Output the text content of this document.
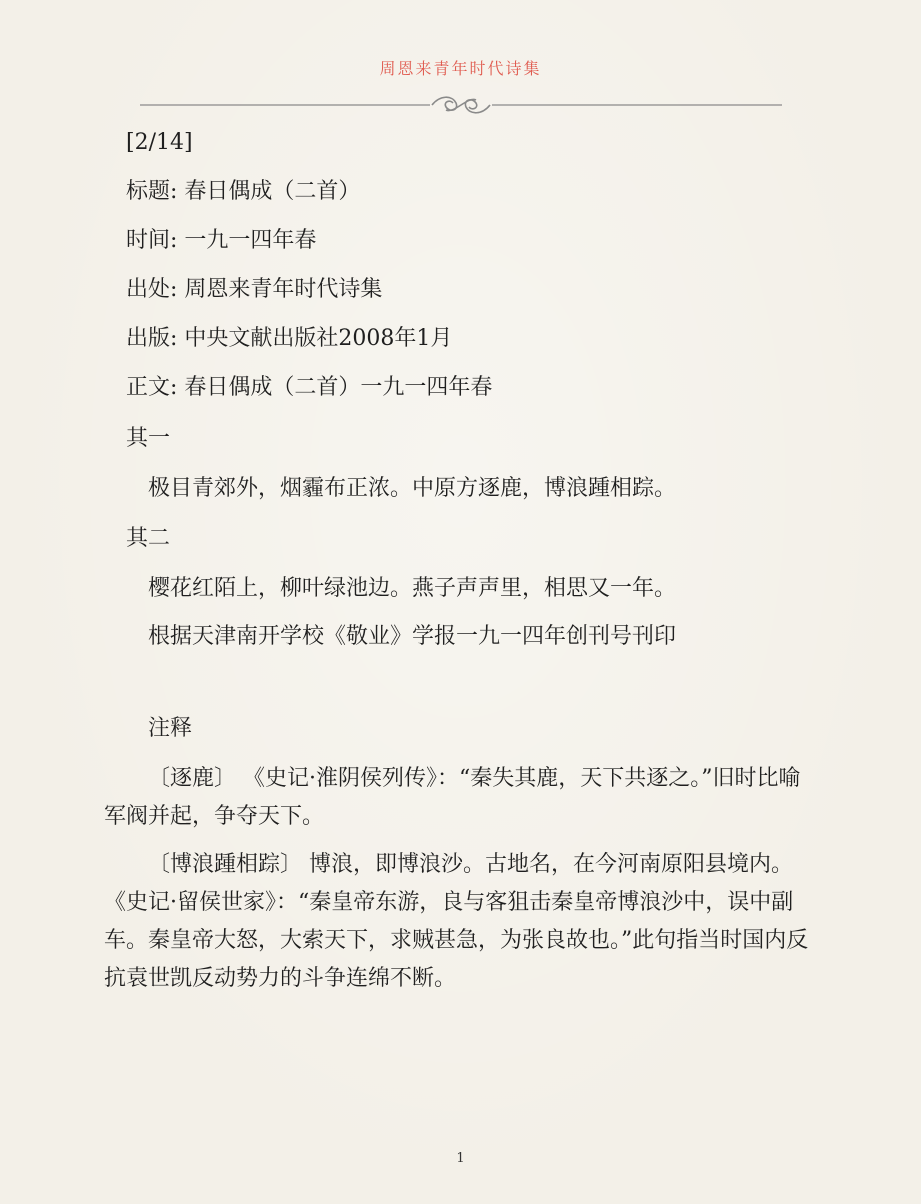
周恩来青年时代诗集
[2/14]
标题: 春日偶成（二首）
时间: 一九一四年春
出处: 周恩来青年时代诗集
出版: 中央文献出版社2008年1月
正文: 春日偶成（二首）一九一四年春
其一
极目青郊外，烟霾布正浓。中原方逐鹿，博浪踵相踪。
其二
樱花红陌上，柳叶绿池边。燕子声声里，相思又一年。
根据天津南开学校《敬业》学报一九一四年创刊号刊印
注释
〔逐鹿〕 《史记·淮阴侯列传》：“秦失其鹿，天下共逐之。”旧时比喻
军阀并起，争夺天下。
〔博浪踵相踪〕 博浪，即博浪沙。古地名，在今河南原阳县境内。
《史记·留侯世家》：“秦皇帝东游，良与客狙击秦皇帝博浪沙中，误中副
车。秦皇帝大怒，大索天下，求贼甚急，为张良故也。”此句指当时国内反
抗袁世凯反动势力的斗争连绵不断。
1
